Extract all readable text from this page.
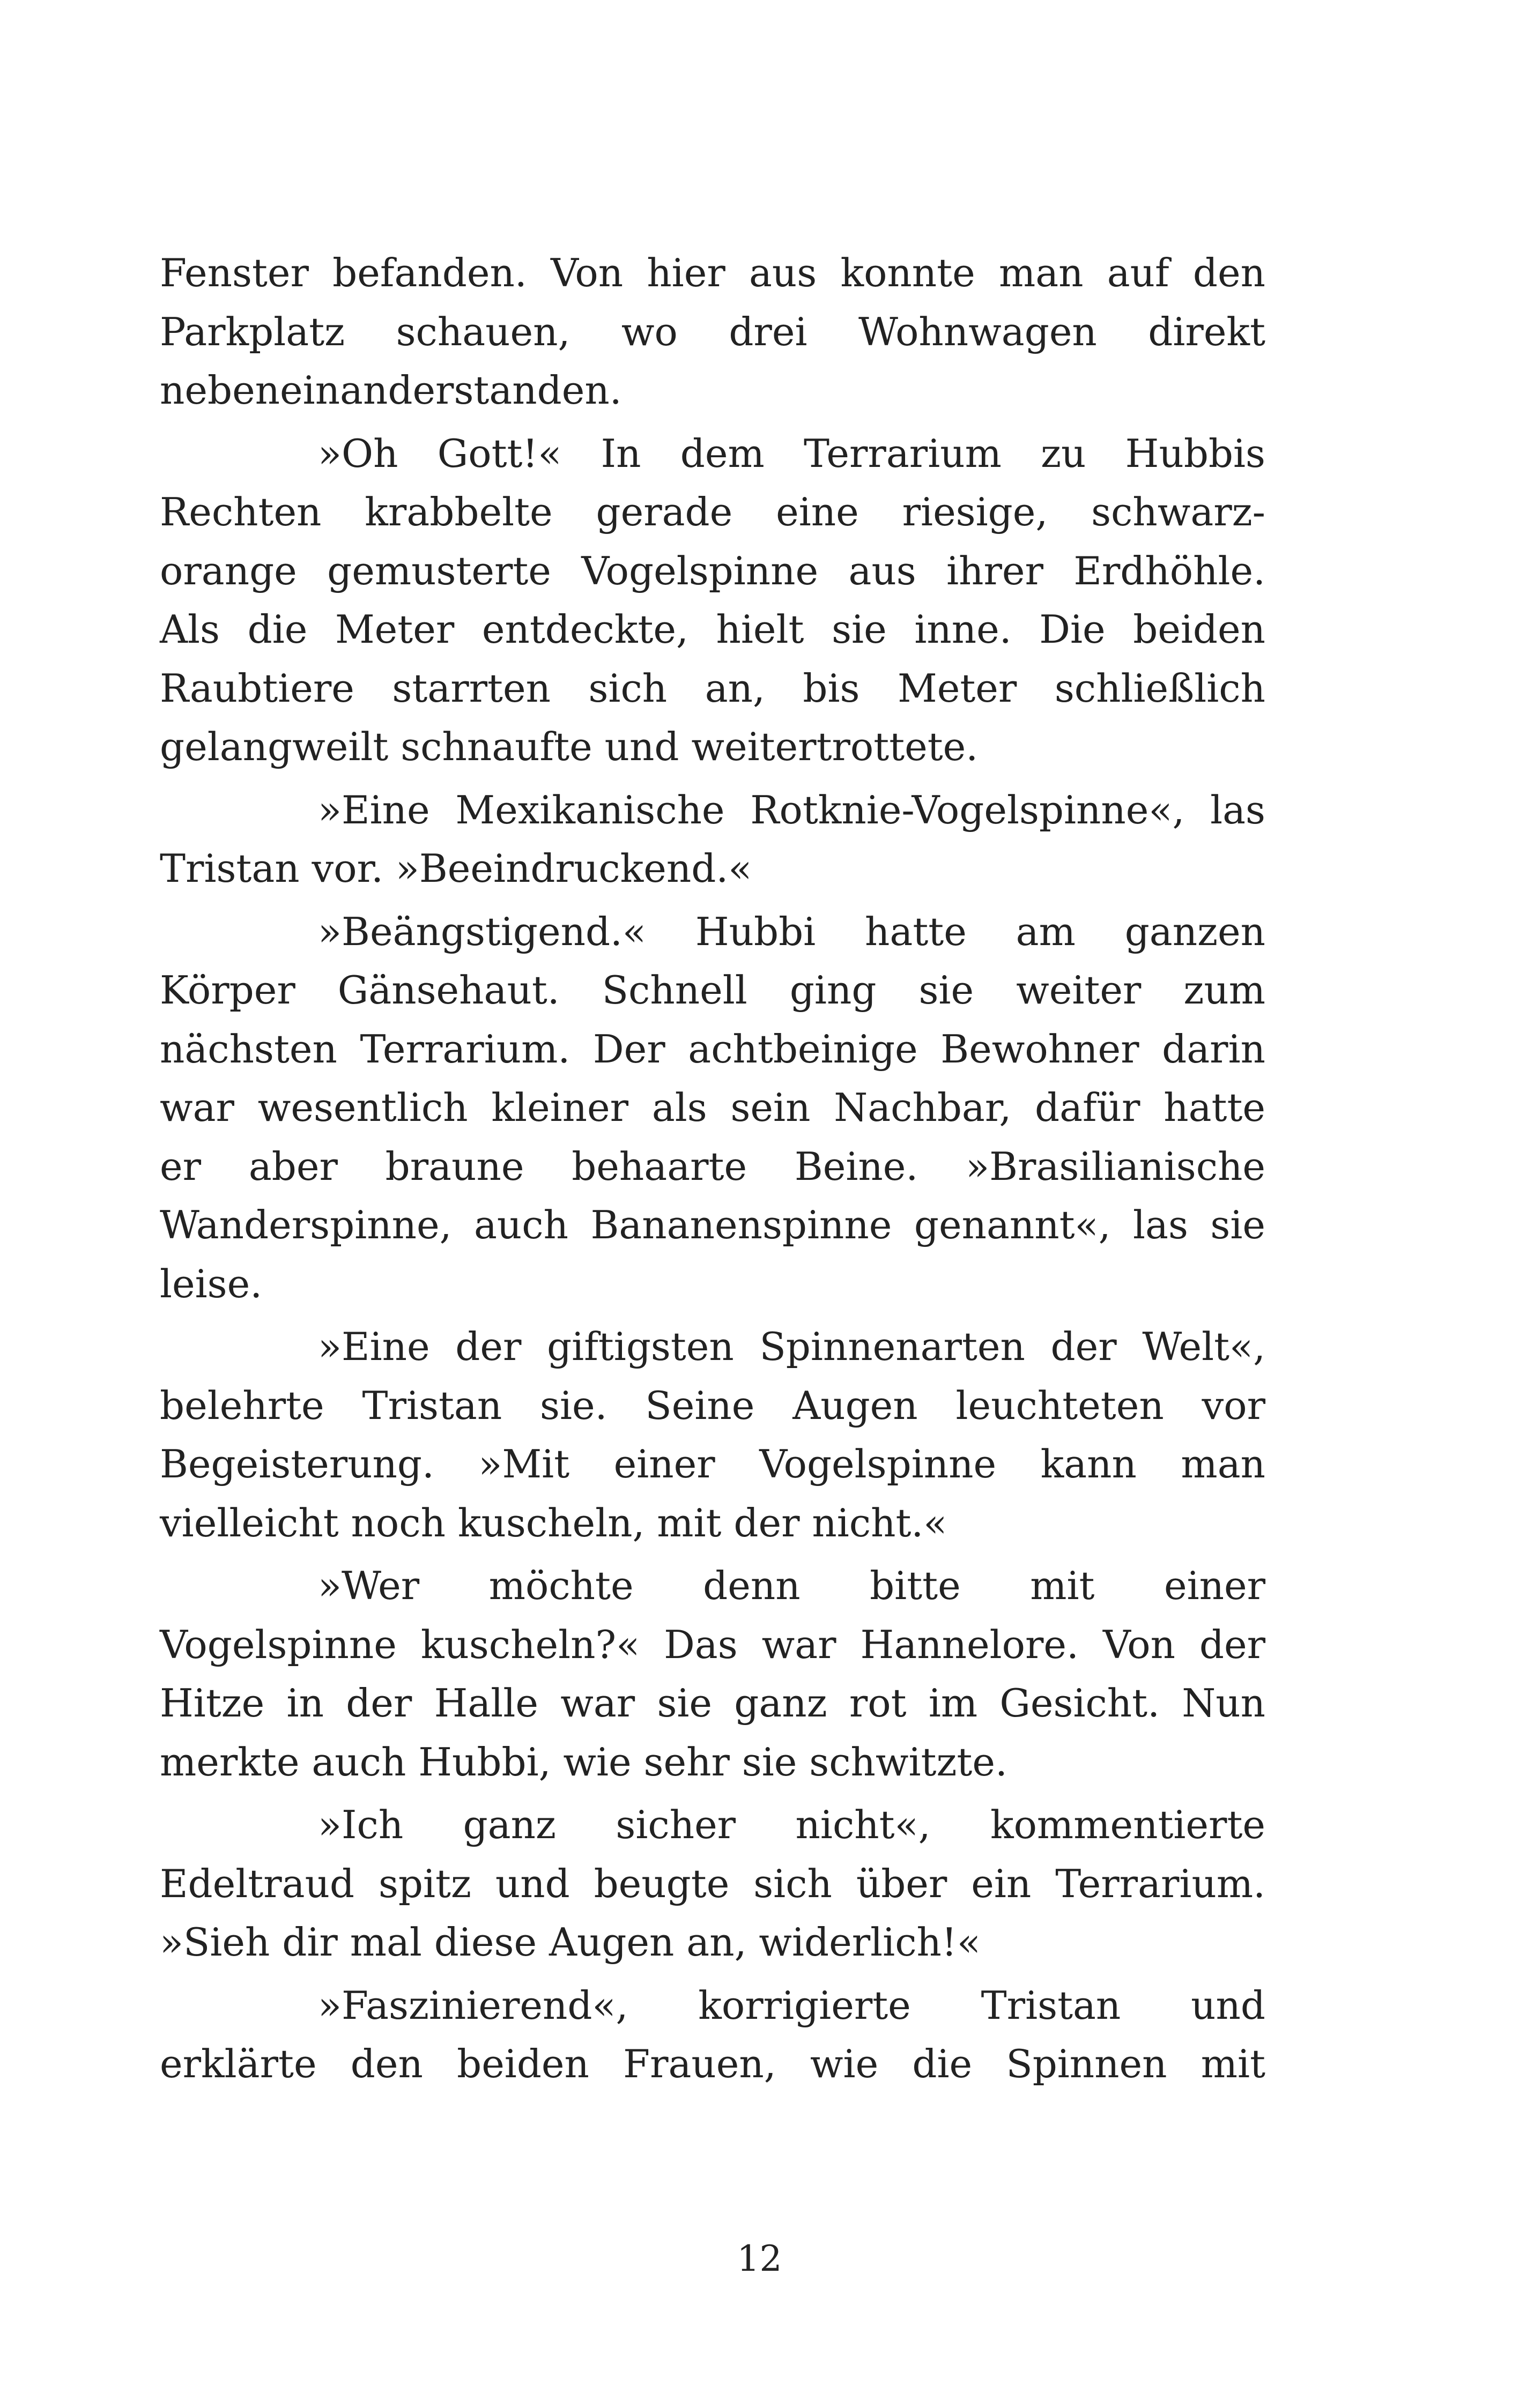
Fenster befanden. Von hier aus konnte man auf den
Parkplatz schauen, wo drei Wohnwagen direkt
nebeneinanderstanden.

»Oh Gott!« In dem Terrarium zu Hubbis
Rechten krabbelte gerade eine riesige, schwarz-
orange gemusterte Vogelspinne aus ihrer Erdhöhle.
Als die Meter entdeckte, hielt sie inne. Die beiden
Raubtiere starrten sich an, bis Meter schließlich
gelangweilt schnaufte und weitertrottete.

»Eine Mexikanische Rotknie-Vogelspinne«, las
Tristan vor. »Beeindruckend.«

»Beängstigend.« Hubbi hatte am ganzen
Körper Gänsehaut. Schnell ging sie weiter zum
nächsten Terrarium. Der achtbeinige Bewohner darin
war wesentlich kleiner als sein Nachbar, dafür hatte
er aber braune behaarte Beine. »Brasilianische
Wanderspinne, auch Bananenspinne genannt«, las sie
leise.

»Eine der giftigsten Spinnenarten der Welt«,
belehrte Tristan sie. Seine Augen leuchteten vor
Begeisterung. »Mit einer Vogelspinne kann man
vielleicht noch kuscheln, mit der nicht.«

»Wer möchte denn bitte mit einer
Vogelspinne kuscheln?« Das war Hannelore. Von der
Hitze in der Halle war sie ganz rot im Gesicht. Nun
merkte auch Hubbi, wie sehr sie schwitzte.

»Ich ganz sicher nicht«, kommentierte
Edeltraud spitz und beugte sich über ein Terrarium.
»Sieh dir mal diese Augen an, widerlich!«

»Faszinierend«, korrigierte Tristan und
erklärte den beiden Frauen, wie die Spinnen mit

12
